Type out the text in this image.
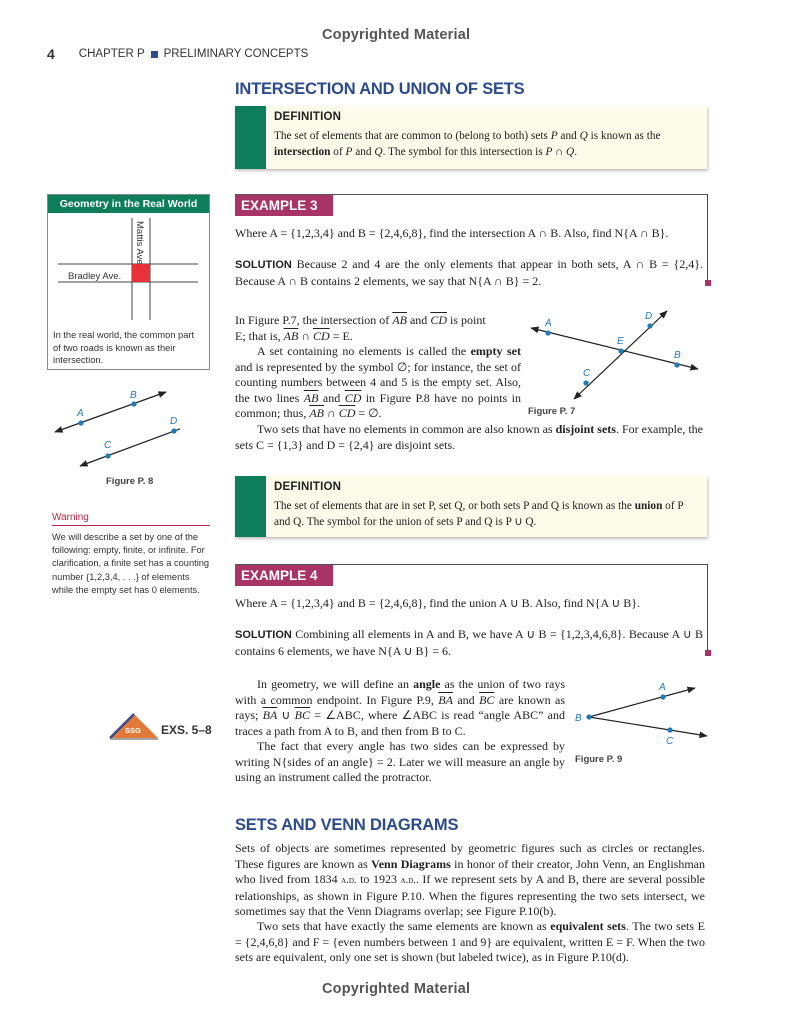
Copyrighted Material
Copyrighted Material
4 CHAPTER P PRELIMINARY CONCEPTS
INTERSECTION AND UNION OF SETS
DEFINITION
The set of elements that are common to (belong to both) sets P and Q is known as the intersection of P and Q. The symbol for this intersection is P ∩ Q.
Geometry in the Real World
Mattis Ave.
Bradley Ave.
In the real world, the common part of two roads is known as their intersection.
A
B
C
D
Figure P. 8
Warning
We will describe a set by one of the following: empty, finite, or infinite. For clarification, a finite set has a counting number {1,2,3,4, . . .} of elements while the empty set has 0 elements.
EXAMPLE 3
Where A = {1,2,3,4} and B = {2,4,6,8}, find the intersection A ∩ B. Also, find N{A ∩ B}.
SOLUTION Because 2 and 4 are the only elements that appear in both sets, A ∩ B = {2,4}. Because A ∩ B contains 2 elements, we say that N{A ∩ B} = 2.
In Figure P.7, the intersection of $\overline{AB}$ and $\overline{CD}$ is point
E; that is, $\overline{AB}$ ∩ $\overline{CD} = E$.
A set containing no elements is called the empty set and is represented by the symbol ∅; for instance, the set of counting numbers between 4 and 5 is the empty set. Also, the two lines $\overline{AB}$ and $\overline{CD}$ in Figure P.8 have no points in common; thus, $\overline{AB}$ ∩ $\overline{CD}$ = ∅.
A
B
C
D
E
Figure P. 7
Two sets that have no elements in common are also known as disjoint sets. For example, the sets C = {1,3} and D = {2,4} are disjoint sets.
DEFINITION
The set of elements that are in set P, set Q, or both sets P and Q is known as the union of P and Q. The symbol for the union of sets P and Q is P ∪ Q.
EXAMPLE 4
Where A = {1,2,3,4} and B = {2,4,6,8}, find the union A ∪ B. Also, find N{A ∪ B}.
SOLUTION Combining all elements in A and B, we have A ∪ B = {1,2,3,4,6,8}. Because A ∪ B contains 6 elements, we have N{A ∪ B} = 6.
SSG EXS. 5–8
In geometry, we will define an angle as the union of two rays with a common endpoint. In Figure P.9, $\overline{BA}$ and $\overline{BC}$ are known as rays; $\overline{BA}$ ∪ $\overline{BC}$ = ∠ABC, where ∠ABC is read “angle ABC” and traces a path from A to B, and then from B to C.
The fact that every angle has two sides can be expressed by writing N{sides of an angle} = 2. Later we will measure an angle by using an instrument called the protractor.
A
B
C
Figure P. 9
SETS AND VENN DIAGRAMS
Sets of objects are sometimes represented by geometric figures such as circles or rectangles. These figures are known as Venn Diagrams in honor of their creator, John Venn, an Englishman who lived from 1834 a.d. to 1923 a.d.. If we represent sets by A and B, there are several possible relationships, as shown in Figure P.10. When the figures representing the two sets intersect, we sometimes say that the Venn Diagrams overlap; see Figure P.10(b).
Two sets that have exactly the same elements are known as equivalent sets. The two sets E = {2,4,6,8} and F = {even numbers between 1 and 9} are equivalent, written E = F. When the two sets are equivalent, only one set is shown (but labeled twice), as in Figure P.10(d).
